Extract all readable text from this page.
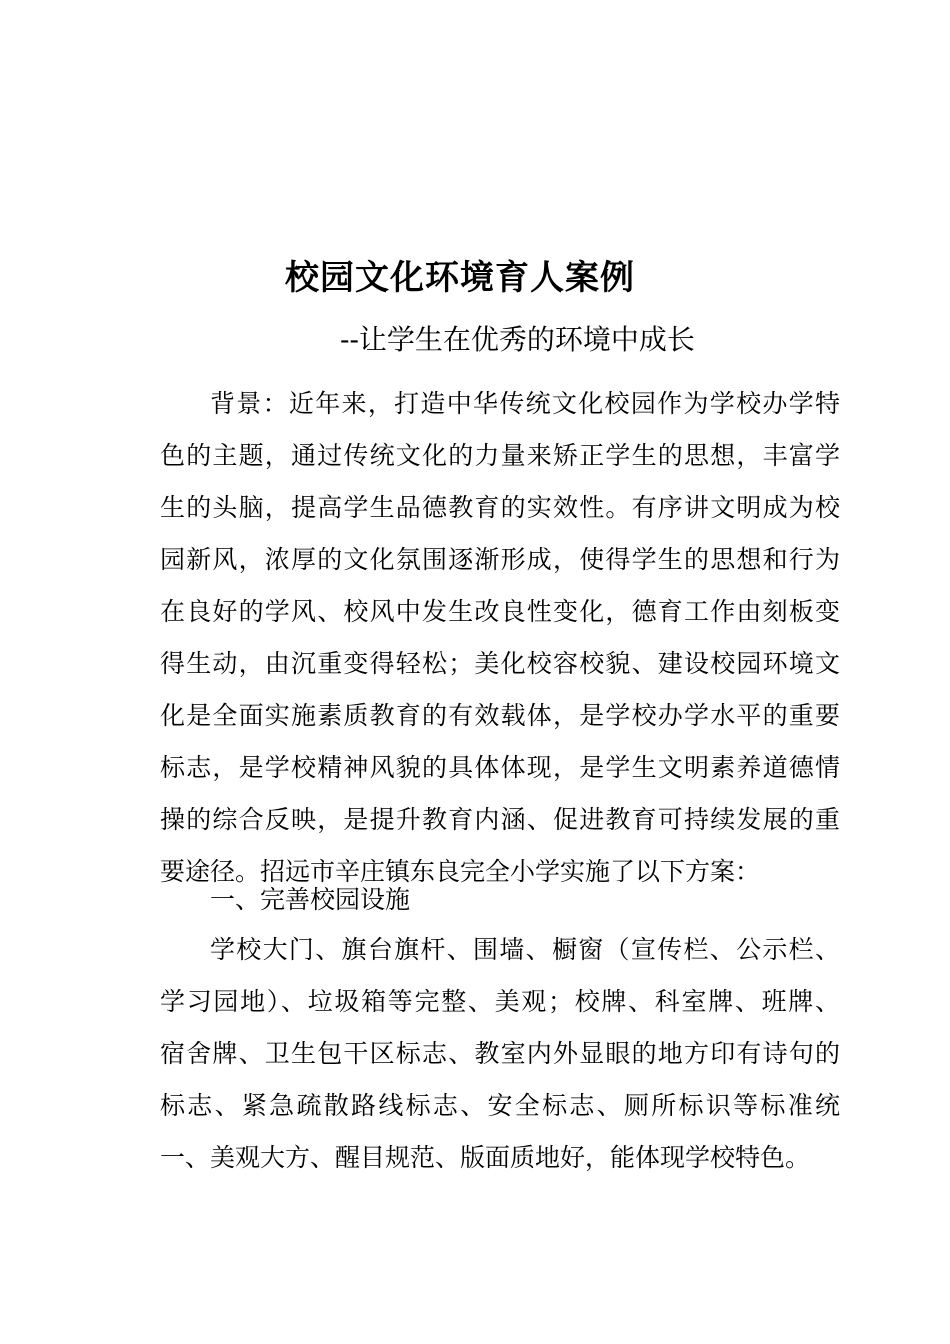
校园文化环境育人案例
--让学生在优秀的环境中成长
背景：近年来，打造中华传统文化校园作为学校办学特
色的主题，通过传统文化的力量来矫正学生的思想，丰富学
生的头脑，提高学生品德教育的实效性。有序讲文明成为校
园新风，浓厚的文化氛围逐渐形成，使得学生的思想和行为
在良好的学风、校风中发生改良性变化，德育工作由刻板变
得生动，由沉重变得轻松；美化校容校貌、建设校园环境文
化是全面实施素质教育的有效载体，是学校办学水平的重要
标志，是学校精神风貌的具体体现，是学生文明素养道德情
操的综合反映，是提升教育内涵、促进教育可持续发展的重
要途径。招远市辛庄镇东良完全小学实施了以下方案：
一、完善校园设施
学校大门、旗台旗杆、围墙、橱窗（宣传栏、公示栏、
学习园地）、垃圾箱等完整、美观；校牌、科室牌、班牌、
宿舍牌、卫生包干区标志、教室内外显眼的地方印有诗句的
标志、紧急疏散路线标志、安全标志、厕所标识等标准统
一、美观大方、醒目规范、版面质地好，能体现学校特色。
